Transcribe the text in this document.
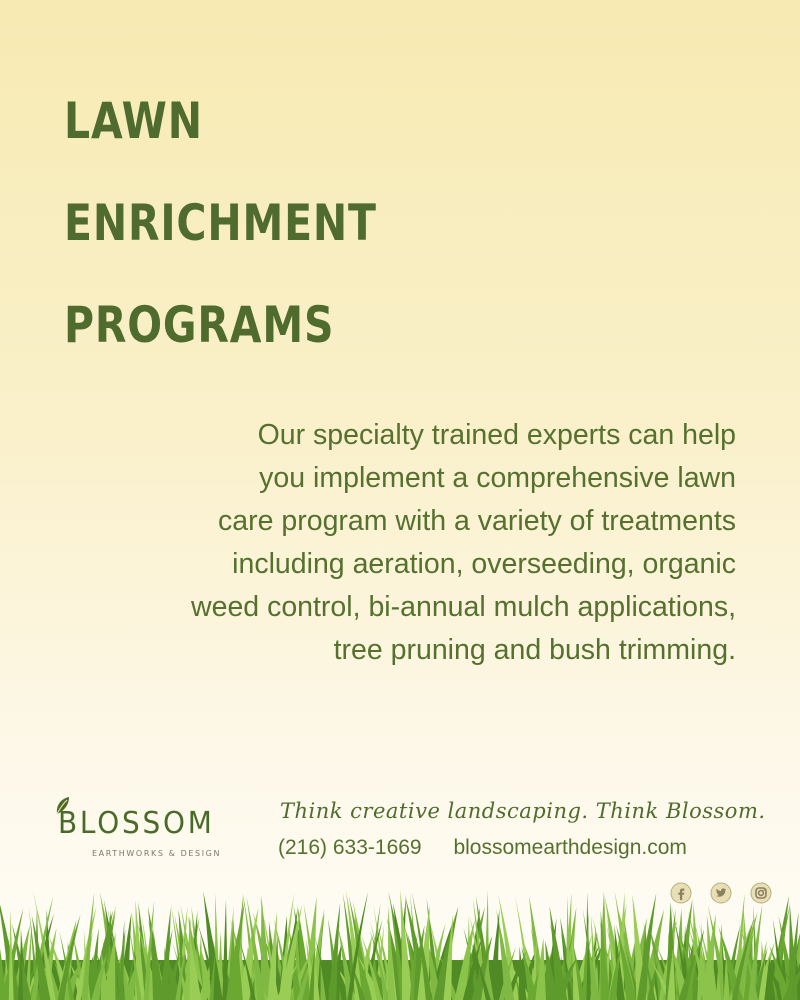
LAWN
ENRICHMENT
PROGRAMS

Our specialty trained experts can help
you implement a comprehensive lawn
care program with a variety of treatments
including aeration, overseeding, organic
weed control, bi-annual mulch applications,
tree pruning and bush trimming.

BLOSSOM
EARTHWORKS & DESIGN
Think creative landscaping. Think Blossom.
(216) 633-1669 blossomearthdesign.com
